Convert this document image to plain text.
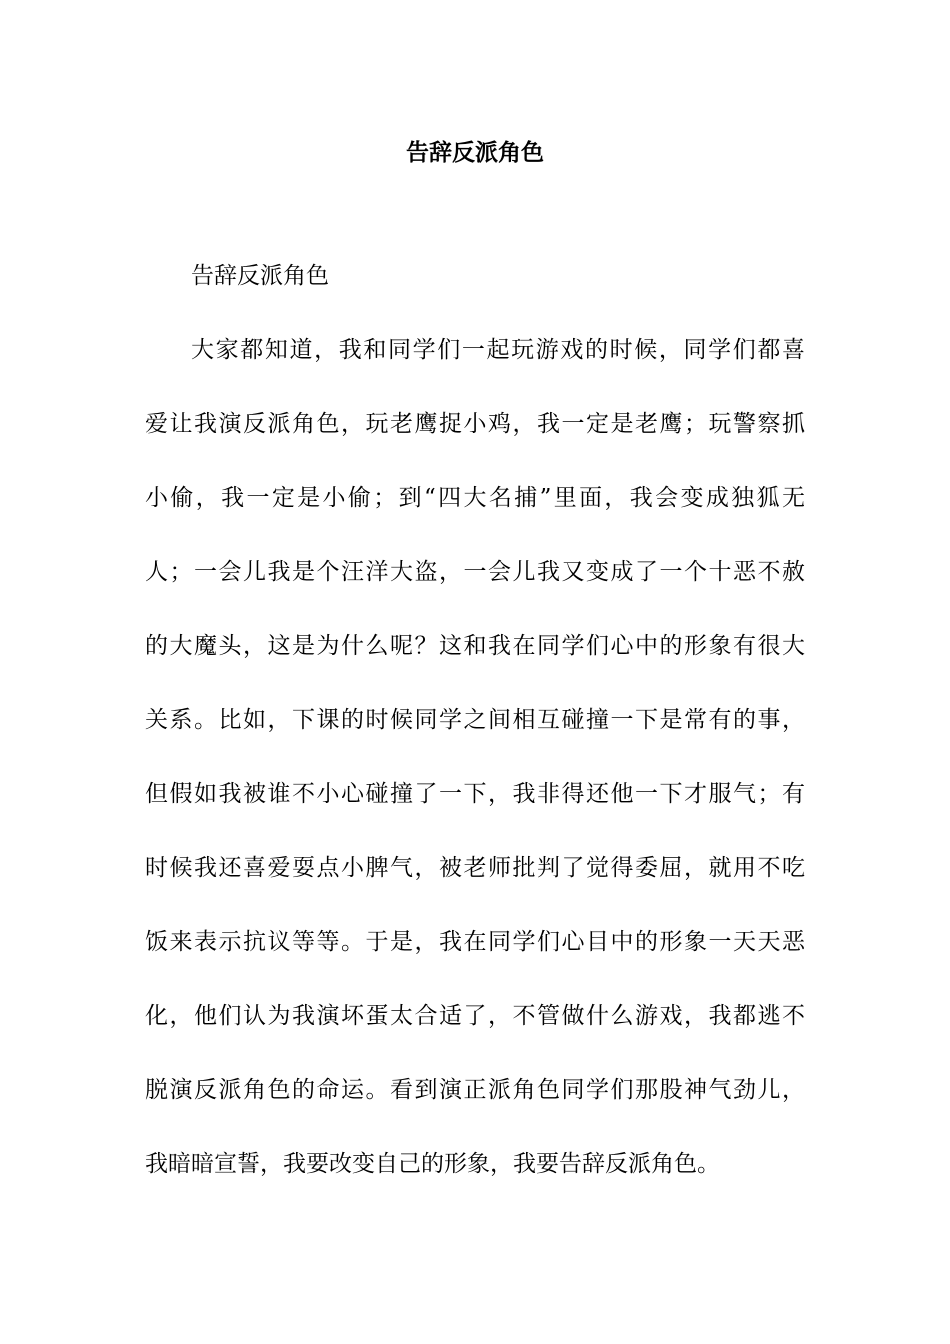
告辞反派角色
告辞反派角色
大家都知道，我和同学们一起玩游戏的时候，同学们都喜
爱让我演反派角色，玩老鹰捉小鸡，我一定是老鹰；玩警察抓
小偷，我一定是小偷；到“四大名捕”里面，我会变成独狐无
人；一会儿我是个汪洋大盗，一会儿我又变成了一个十恶不赦
的大魔头，这是为什么呢？这和我在同学们心中的形象有很大
关系。比如，下课的时候同学之间相互碰撞一下是常有的事，
但假如我被谁不小心碰撞了一下，我非得还他一下才服气；有
时候我还喜爱耍点小脾气，被老师批判了觉得委屈，就用不吃
饭来表示抗议等等。于是，我在同学们心目中的形象一天天恶
化，他们认为我演坏蛋太合适了，不管做什么游戏，我都逃不
脱演反派角色的命运。看到演正派角色同学们那股神气劲儿，
我暗暗宣誓，我要改变自己的形象，我要告辞反派角色。
